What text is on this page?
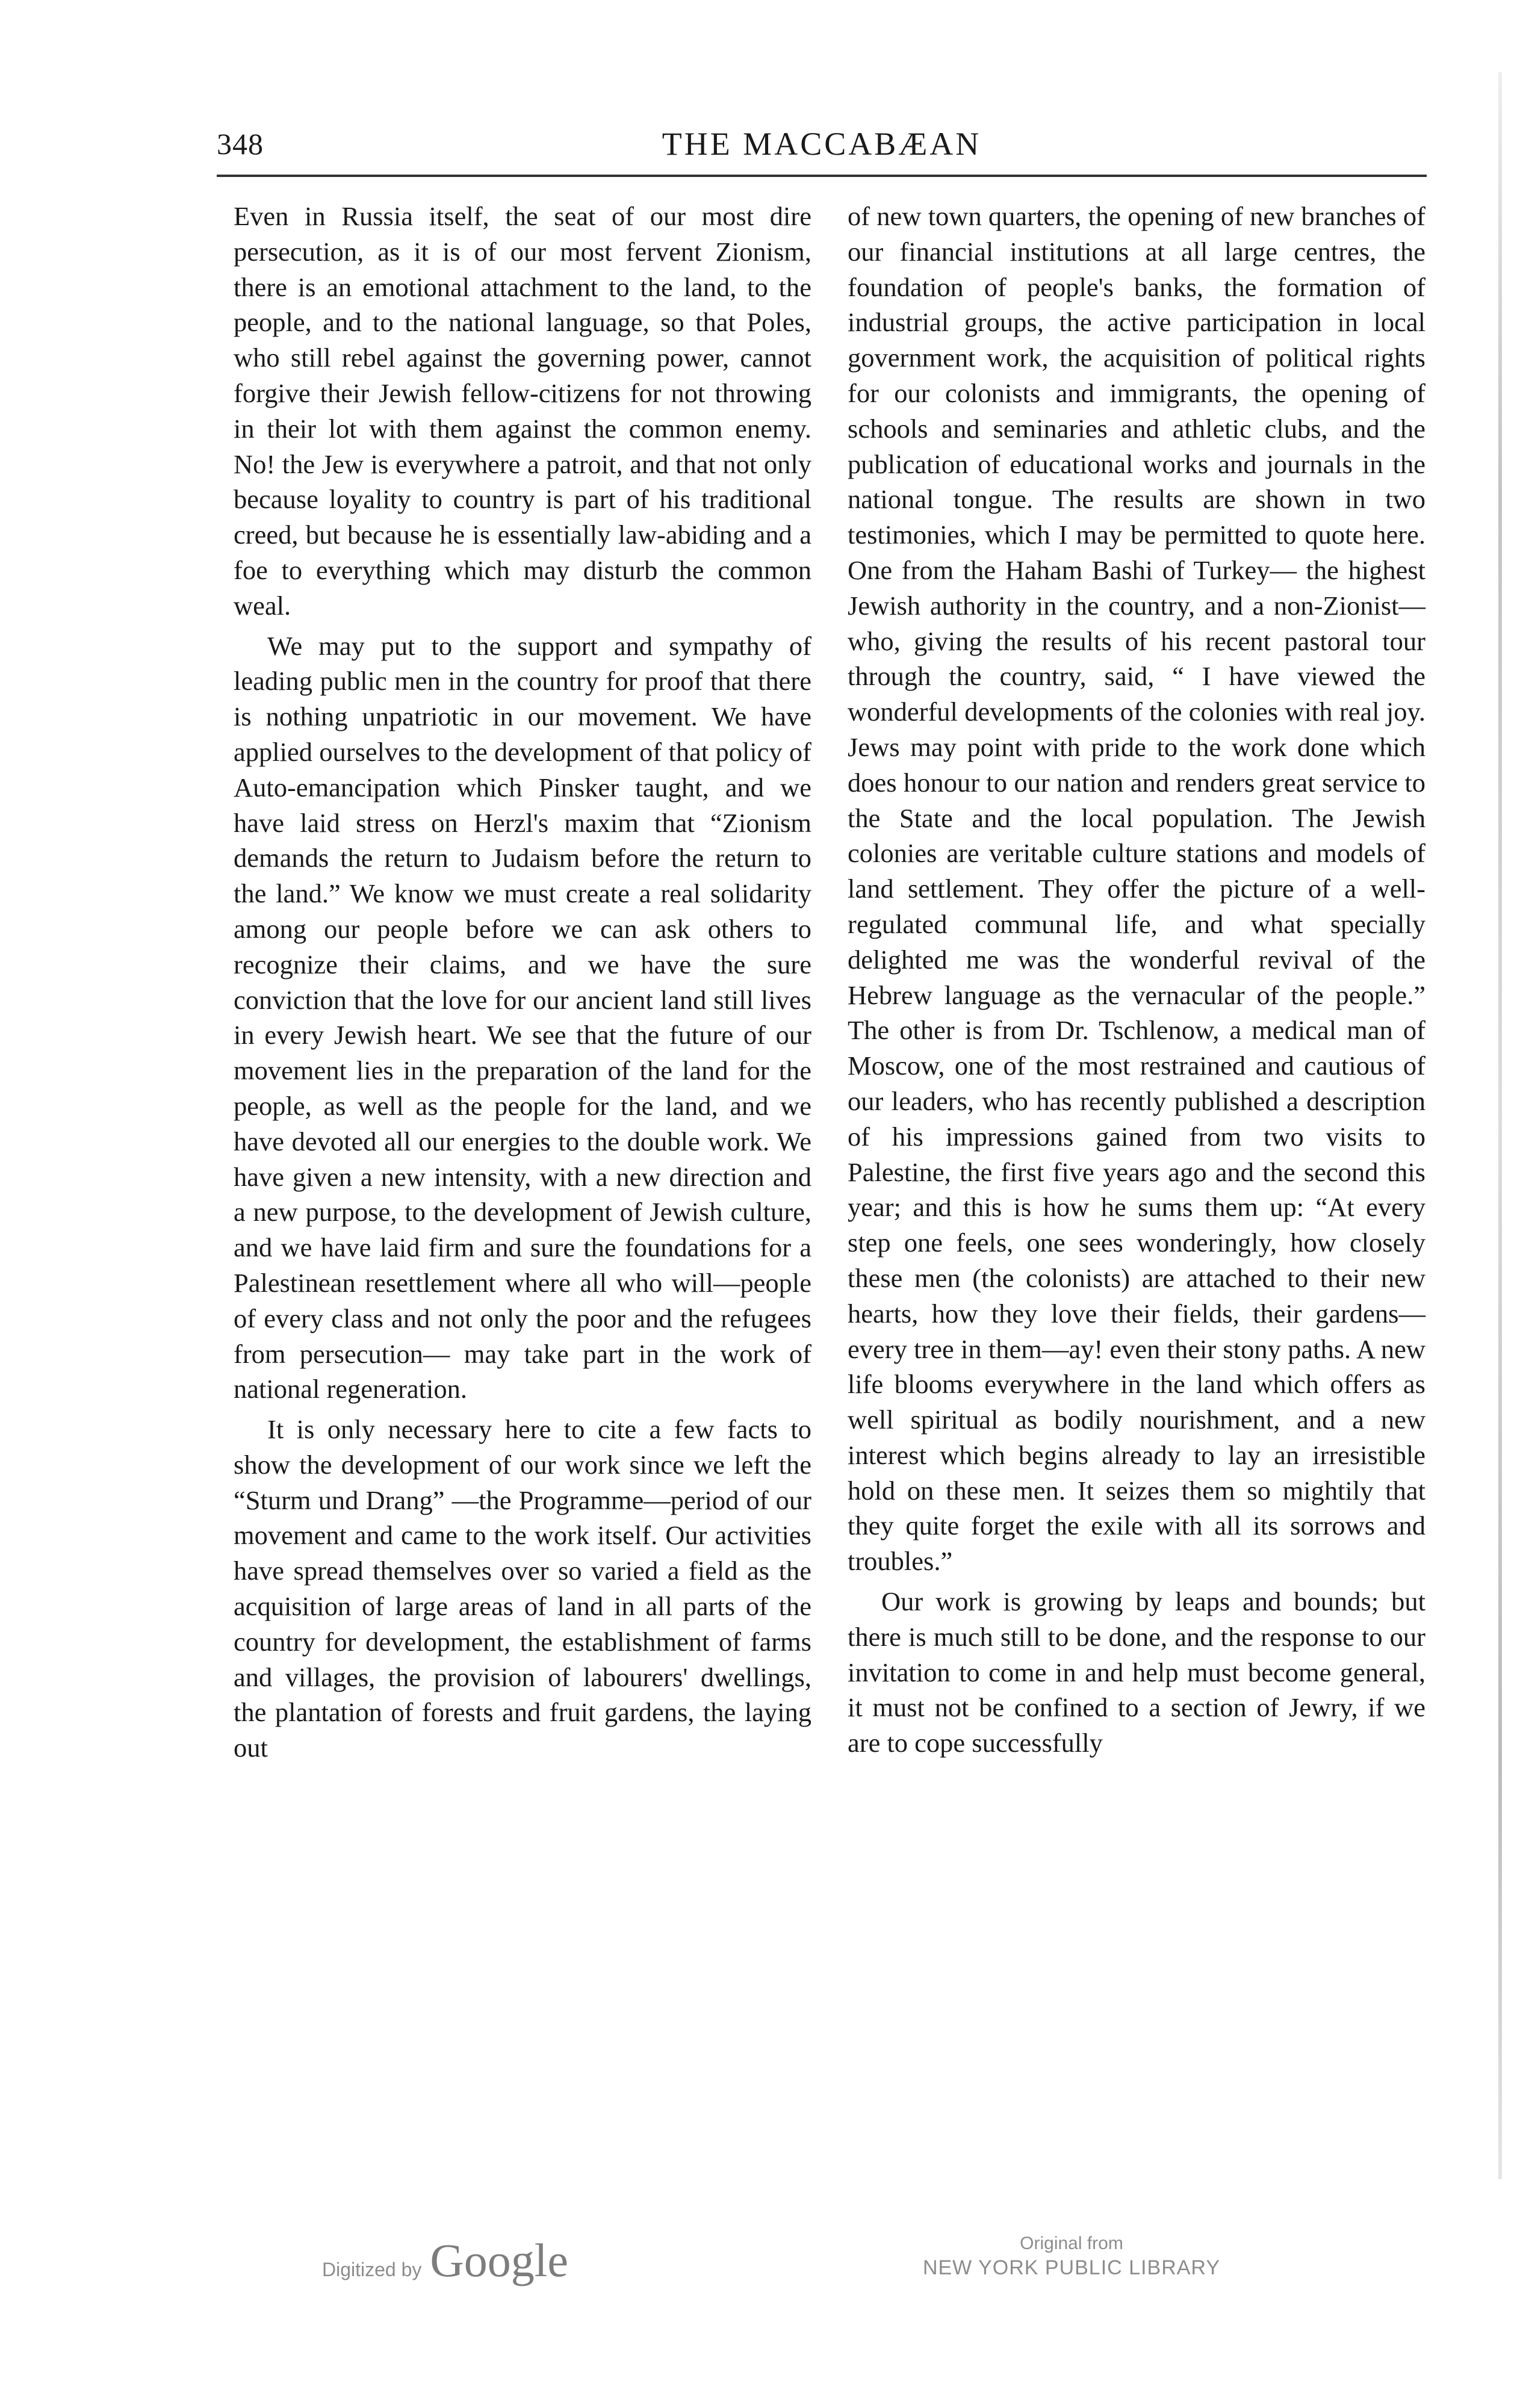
348	THE MACCABÆAN

Even in Russia itself, the seat of our most dire persecution, as it is of our most fervent Zionism, there is an emotional attachment to the land, to the people, and to the national language, so that Poles, who still rebel against the governing power, cannot forgive their Jewish fellow-citizens for not throwing in their lot with them against the common enemy. No! the Jew is everywhere a patroit, and that not only because loyality to country is part of his traditional creed, but because he is essentially law-abiding and a foe to everything which may disturb the common weal.

We may put to the support and sympathy of leading public men in the country for proof that there is nothing unpatriotic in our movement. We have applied ourselves to the development of that policy of Auto-emancipation which Pinsker taught, and we have laid stress on Herzl's maxim that “Zionism demands the return to Judaism before the return to the land.” We know we must create a real solidarity among our people before we can ask others to recognize their claims, and we have the sure conviction that the love for our ancient land still lives in every Jewish heart. We see that the future of our movement lies in the preparation of the land for the people, as well as the people for the land, and we have devoted all our energies to the double work. We have given a new intensity, with a new direction and a new purpose, to the development of Jewish culture, and we have laid firm and sure the foundations for a Palestinean resettlement where all who will—people of every class and not only the poor and the refugees from persecution— may take part in the work of national regeneration.

It is only necessary here to cite a few facts to show the development of our work since we left the “Sturm und Drang” —the Programme—period of our movement and came to the work itself. Our activities have spread themselves over so varied a field as the acquisition of large areas of land in all parts of the country for development, the establishment of farms and villages, the provision of labourers' dwellings, the plantation of forests and fruit gardens, the laying out

of new town quarters, the opening of new branches of our financial institutions at all large centres, the foundation of people's banks, the formation of industrial groups, the active participation in local government work, the acquisition of political rights for our colonists and immigrants, the opening of schools and seminaries and athletic clubs, and the publication of educational works and journals in the national tongue. The results are shown in two testimonies, which I may be permitted to quote here. One from the Haham Bashi of Turkey— the highest Jewish authority in the country, and a non-Zionist—who, giving the results of his recent pastoral tour through the country, said, “ I have viewed the wonderful developments of the colonies with real joy. Jews may point with pride to the work done which does honour to our nation and renders great service to the State and the local population. The Jewish colonies are veritable culture stations and models of land settlement. They offer the picture of a well-regulated communal life, and what specially delighted me was the wonderful revival of the Hebrew language as the vernacular of the people.” The other is from Dr. Tschlenow, a medical man of Moscow, one of the most restrained and cautious of our leaders, who has recently published a description of his impressions gained from two visits to Palestine, the first five years ago and the second this year; and this is how he sums them up: “At every step one feels, one sees wonderingly, how closely these men (the colonists) are attached to their new hearts, how they love their fields, their gardens—every tree in them—ay! even their stony paths. A new life blooms everywhere in the land which offers as well spiritual as bodily nourishment, and a new interest which begins already to lay an irresistible hold on these men. It seizes them so mightily that they quite forget the exile with all its sorrows and troubles.”

Our work is growing by leaps and bounds; but there is much still to be done, and the response to our invitation to come in and help must become general, it must not be confined to a section of Jewry, if we are to cope successfully

Digitized by Google	Original from
NEW YORK PUBLIC LIBRARY
